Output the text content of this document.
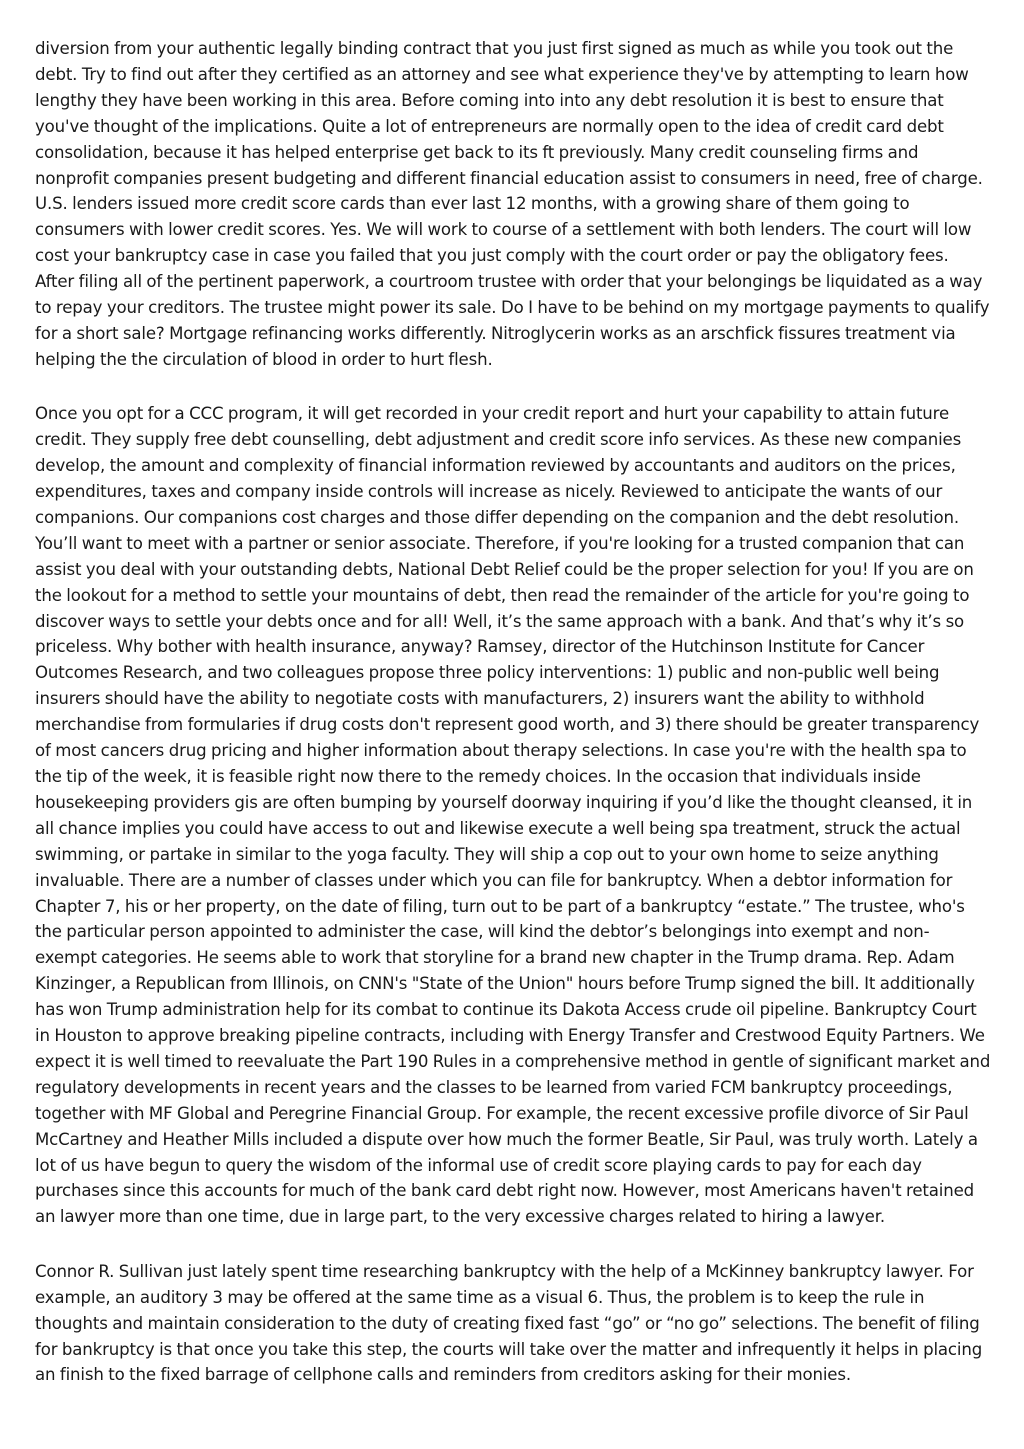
diversion from your authentic legally binding contract that you just first signed as much as while you took out the debt. Try to find out after they certified as an attorney and see what experience they've by attempting to learn how lengthy they have been working in this area. Before coming into into any debt resolution it is best to ensure that you've thought of the implications. Quite a lot of entrepreneurs are normally open to the idea of credit card debt consolidation, because it has helped enterprise get back to its ft previously. Many credit counseling firms and nonprofit companies present budgeting and different financial education assist to consumers in need, free of charge. U.S. lenders issued more credit score cards than ever last 12 months, with a growing share of them going to consumers with lower credit scores. Yes. We will work to course of a settlement with both lenders. The court will low cost your bankruptcy case in case you failed that you just comply with the court order or pay the obligatory fees. After filing all of the pertinent paperwork, a courtroom trustee with order that your belongings be liquidated as a way to repay your creditors. The trustee might power its sale. Do I have to be behind on my mortgage payments to qualify for a short sale? Mortgage refinancing works differently. Nitroglycerin works as an arschfick fissures treatment via helping the the circulation of blood in order to hurt flesh.

Once you opt for a CCC program, it will get recorded in your credit report and hurt your capability to attain future credit. They supply free debt counselling, debt adjustment and credit score info services. As these new companies develop, the amount and complexity of financial information reviewed by accountants and auditors on the prices, expenditures, taxes and company inside controls will increase as nicely. Reviewed to anticipate the wants of our companions. Our companions cost charges and those differ depending on the companion and the debt resolution. You’ll want to meet with a partner or senior associate. Therefore, if you're looking for a trusted companion that can assist you deal with your outstanding debts, National Debt Relief could be the proper selection for you! If you are on the lookout for a method to settle your mountains of debt, then read the remainder of the article for you're going to discover ways to settle your debts once and for all! Well, it’s the same approach with a bank. And that’s why it’s so priceless. Why bother with health insurance, anyway? Ramsey, director of the Hutchinson Institute for Cancer Outcomes Research, and two colleagues propose three policy interventions: 1) public and non-public well being insurers should have the ability to negotiate costs with manufacturers, 2) insurers want the ability to withhold merchandise from formularies if drug costs don't represent good worth, and 3) there should be greater transparency of most cancers drug pricing and higher information about therapy selections. In case you're with the health spa to the tip of the week, it is feasible right now there to the remedy choices. In the occasion that individuals inside housekeeping providers gis are often bumping by yourself doorway inquiring if you’d like the thought cleansed, it in all chance implies you could have access to out and likewise execute a well being spa treatment, struck the actual swimming, or partake in similar to the yoga faculty. They will ship a cop out to your own home to seize anything invaluable. There are a number of classes under which you can file for bankruptcy. When a debtor information for Chapter 7, his or her property, on the date of filing, turn out to be part of a bankruptcy “estate.” The trustee, who's the particular person appointed to administer the case, will kind the debtor’s belongings into exempt and non-exempt categories. He seems able to work that storyline for a brand new chapter in the Trump drama. Rep. Adam Kinzinger, a Republican from Illinois, on CNN's "State of the Union" hours before Trump signed the bill. It additionally has won Trump administration help for its combat to continue its Dakota Access crude oil pipeline. Bankruptcy Court in Houston to approve breaking pipeline contracts, including with Energy Transfer and Crestwood Equity Partners. We expect it is well timed to reevaluate the Part 190 Rules in a comprehensive method in gentle of significant market and regulatory developments in recent years and the classes to be learned from varied FCM bankruptcy proceedings, together with MF Global and Peregrine Financial Group. For example, the recent excessive profile divorce of Sir Paul McCartney and Heather Mills included a dispute over how much the former Beatle, Sir Paul, was truly worth. Lately a lot of us have begun to query the wisdom of the informal use of credit score playing cards to pay for each day purchases since this accounts for much of the bank card debt right now. However, most Americans haven't retained an lawyer more than one time, due in large part, to the very excessive charges related to hiring a lawyer.

Connor R. Sullivan just lately spent time researching bankruptcy with the help of a McKinney bankruptcy lawyer. For example, an auditory 3 may be offered at the same time as a visual 6. Thus, the problem is to keep the rule in thoughts and maintain consideration to the duty of creating fixed fast “go” or “no go” selections. The benefit of filing for bankruptcy is that once you take this step, the courts will take over the matter and infrequently it helps in placing an finish to the fixed barrage of cellphone calls and reminders from creditors asking for their monies.
